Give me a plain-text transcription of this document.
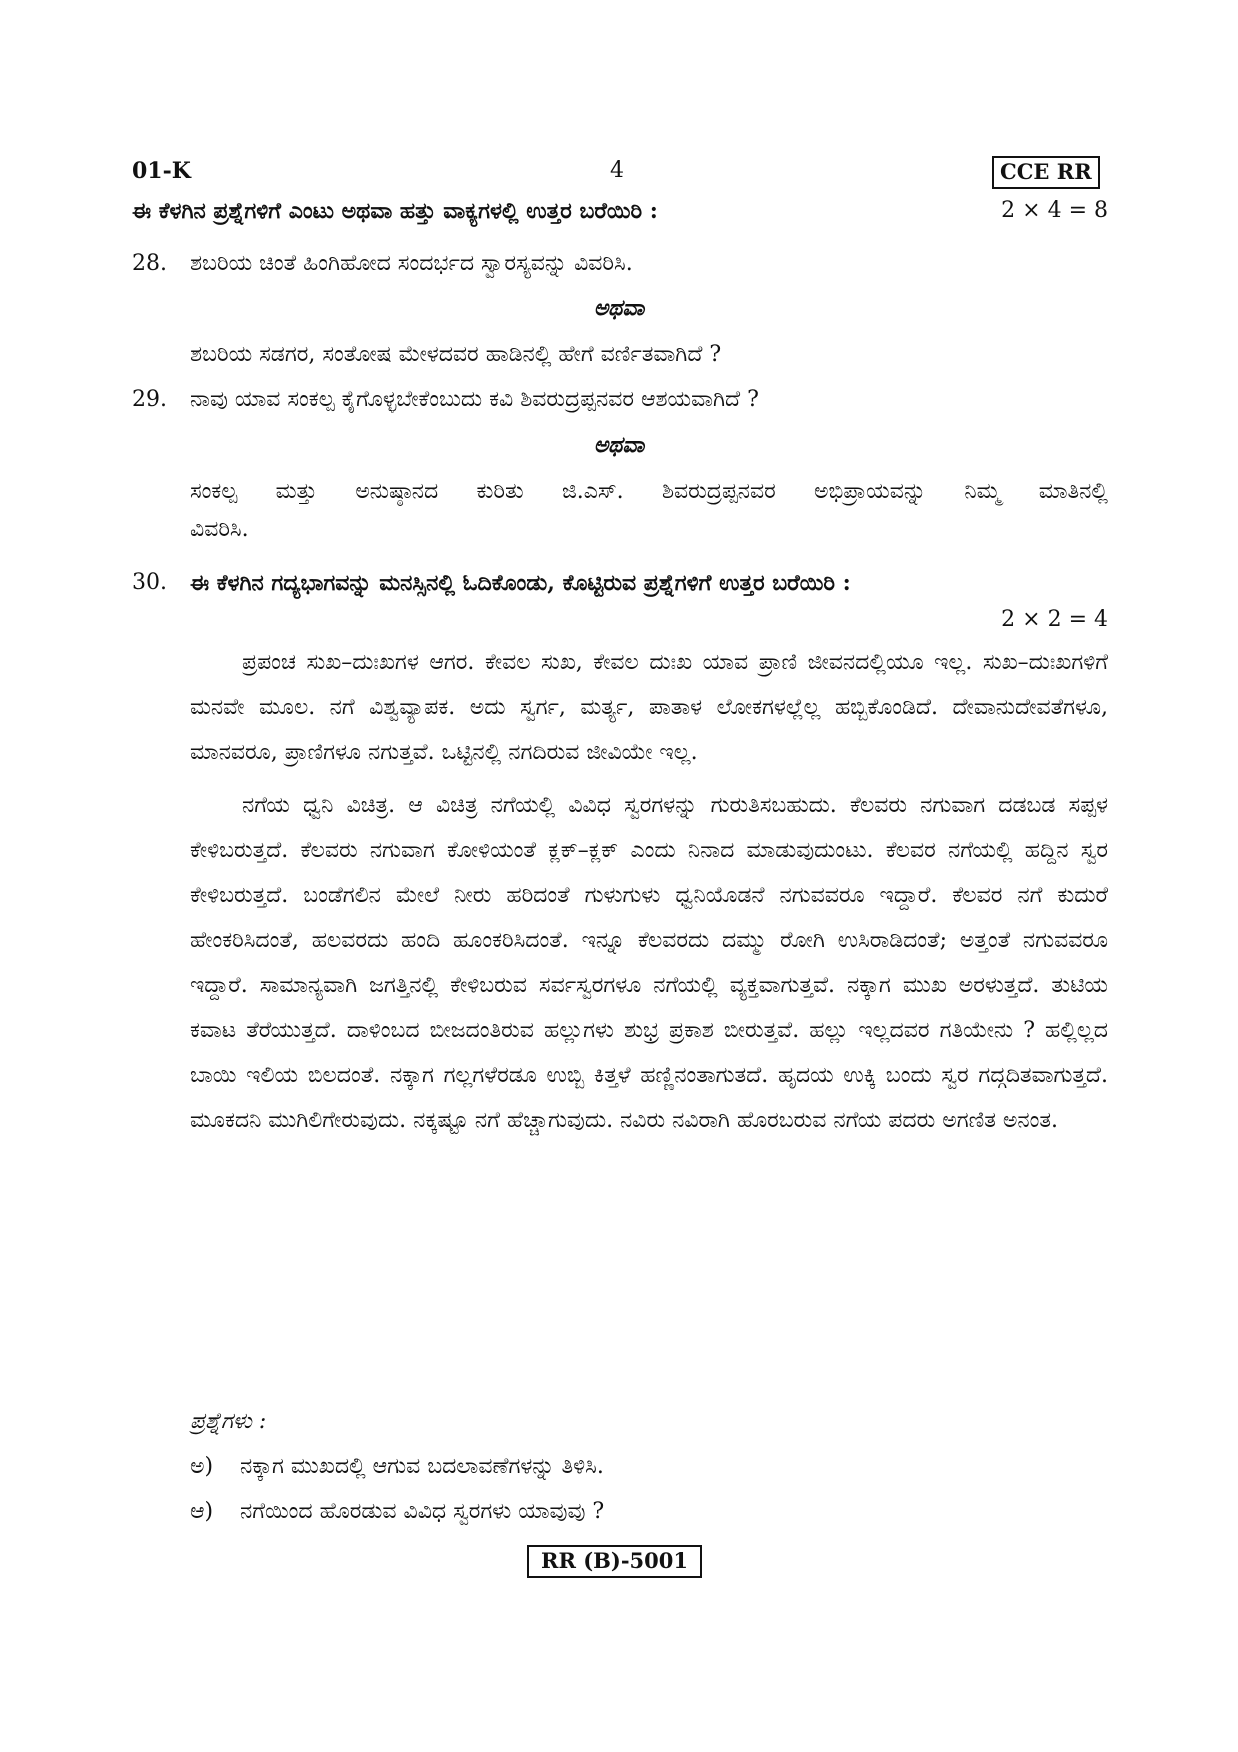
01-K	4	CCE RR
ಈ ಕೆಳಗಿನ ಪ್ರಶ್ನೆಗಳಿಗೆ ಎಂಟು ಅಥವಾ ಹತ್ತು ವಾಕ್ಯಗಳಲ್ಲಿ ಉತ್ತರ ಬರೆಯಿರಿ :	2 × 4 = 8
28. ಶಬರಿಯ ಚಿಂತೆ ಹಿಂಗಿಹೋದ ಸಂದರ್ಭದ ಸ್ವಾರಸ್ಯವನ್ನು ವಿವರಿಸಿ.
ಅಥವಾ
ಶಬರಿಯ ಸಡಗರ, ಸಂತೋಷ ಮೇಳದವರ ಹಾಡಿನಲ್ಲಿ ಹೇಗೆ ವರ್ಣಿತವಾಗಿದೆ ?
29. ನಾವು ಯಾವ ಸಂಕಲ್ಪ ಕೈಗೊಳ್ಳಬೇಕೆಂಬುದು ಕವಿ ಶಿವರುದ್ರಪ್ಪನವರ ಆಶಯವಾಗಿದೆ ?
ಅಥವಾ
ಸಂಕಲ್ಪ ಮತ್ತು ಅನುಷ್ಠಾನದ ಕುರಿತು ಜಿ.ಎಸ್. ಶಿವರುದ್ರಪ್ಪನವರ ಅಭಿಪ್ರಾಯವನ್ನು ನಿಮ್ಮ ಮಾತಿನಲ್ಲಿ
ವಿವರಿಸಿ.
30. ಈ ಕೆಳಗಿನ ಗದ್ಯಭಾಗವನ್ನು ಮನಸ್ಸಿನಲ್ಲಿ ಓದಿಕೊಂಡು, ಕೊಟ್ಟಿರುವ ಪ್ರಶ್ನೆಗಳಿಗೆ ಉತ್ತರ ಬರೆಯಿರಿ :
2 × 2 = 4

ಪ್ರಪಂಚ ಸುಖ–ದುಃಖಗಳ ಆಗರ. ಕೇವಲ ಸುಖ, ಕೇವಲ ದುಃಖ ಯಾವ ಪ್ರಾಣಿ ಜೀವನದಲ್ಲಿಯೂ ಇಲ್ಲ. ಸುಖ–ದುಃಖಗಳಿಗೆ ಮನವೇ ಮೂಲ. ನಗೆ ವಿಶ್ವವ್ಯಾಪಕ. ಅದು ಸ್ವರ್ಗ, ಮರ್ತ್ಯ, ಪಾತಾಳ ಲೋಕಗಳಲ್ಲೆಲ್ಲ ಹಬ್ಬಿಕೊಂಡಿದೆ. ದೇವಾನುದೇವತೆಗಳೂ, ಮಾನವರೂ, ಪ್ರಾಣಿಗಳೂ ನಗುತ್ತವೆ. ಒಟ್ಟಿನಲ್ಲಿ ನಗದಿರುವ ಜೀವಿಯೇ ಇಲ್ಲ.

ನಗೆಯ ಧ್ವನಿ ವಿಚಿತ್ರ. ಆ ವಿಚಿತ್ರ ನಗೆಯಲ್ಲಿ ವಿವಿಧ ಸ್ವರಗಳನ್ನು ಗುರುತಿಸಬಹುದು. ಕೆಲವರು ನಗುವಾಗ ದಡಬಡ ಸಪ್ಪಳ ಕೇಳಿಬರುತ್ತದೆ. ಕೆಲವರು ನಗುವಾಗ ಕೋಳಿಯಂತೆ ಕ್ಲಕ್–ಕ್ಲಕ್ ಎಂದು ನಿನಾದ ಮಾಡುವುದುಂಟು. ಕೆಲವರ ನಗೆಯಲ್ಲಿ ಹದ್ದಿನ ಸ್ವರ ಕೇಳಿಬರುತ್ತದೆ. ಬಂಡೆಗಲಿನ ಮೇಲೆ ನೀರು ಹರಿದಂತೆ ಗುಳುಗುಳು ಧ್ವನಿಯೊಡನೆ ನಗುವವರೂ ಇದ್ದಾರೆ. ಕೆಲವರ ನಗೆ ಕುದುರೆ ಹೇಂಕರಿಸಿದಂತೆ, ಹಲವರದು ಹಂದಿ ಹೂಂಕರಿಸಿದಂತೆ. ಇನ್ನೂ ಕೆಲವರದು ದಮ್ಮು ರೋಗಿ ಉಸಿರಾಡಿದಂತೆ; ಅತ್ತಂತೆ ನಗುವವರೂ ಇದ್ದಾರೆ. ಸಾಮಾನ್ಯವಾಗಿ ಜಗತ್ತಿನಲ್ಲಿ ಕೇಳಿಬರುವ ಸರ್ವಸ್ವರಗಳೂ ನಗೆಯಲ್ಲಿ ವ್ಯಕ್ತವಾಗುತ್ತವೆ. ನಕ್ಕಾಗ ಮುಖ ಅರಳುತ್ತದೆ. ತುಟಿಯ ಕವಾಟ ತೆರೆಯುತ್ತದೆ. ದಾಳಿಂಬದ ಬೀಜದಂತಿರುವ ಹಲ್ಲುಗಳು ಶುಭ್ರ ಪ್ರಕಾಶ ಬೀರುತ್ತವೆ. ಹಲ್ಲು ಇಲ್ಲದವರ ಗತಿಯೇನು ? ಹಲ್ಲಿಲ್ಲದ ಬಾಯಿ ಇಲಿಯ ಬಿಲದಂತೆ. ನಕ್ಕಾಗ ಗಲ್ಲಗಳೆರಡೂ ಉಬ್ಬಿ ಕಿತ್ತಳೆ ಹಣ್ಣಿನಂತಾಗುತದೆ. ಹೃದಯ ಉಕ್ಕಿ ಬಂದು ಸ್ವರ ಗದ್ಗದಿತವಾಗುತ್ತದೆ. ಮೂಕದನಿ ಮುಗಿಲಿಗೇರುವುದು. ನಕ್ಕಷ್ಟೂ ನಗೆ ಹೆಚ್ಚಾಗುವುದು. ನವಿರು ನವಿರಾಗಿ ಹೊರಬರುವ ನಗೆಯ ಪದರು ಅಗಣಿತ ಅನಂತ.

ಪ್ರಶ್ನೆಗಳು :
ಅ) ನಕ್ಕಾಗ ಮುಖದಲ್ಲಿ ಆಗುವ ಬದಲಾವಣೆಗಳನ್ನು ತಿಳಿಸಿ.
ಆ) ನಗೆಯಿಂದ ಹೊರಡುವ ವಿವಿಧ ಸ್ವರಗಳು ಯಾವುವು ?
RR (B)-5001
